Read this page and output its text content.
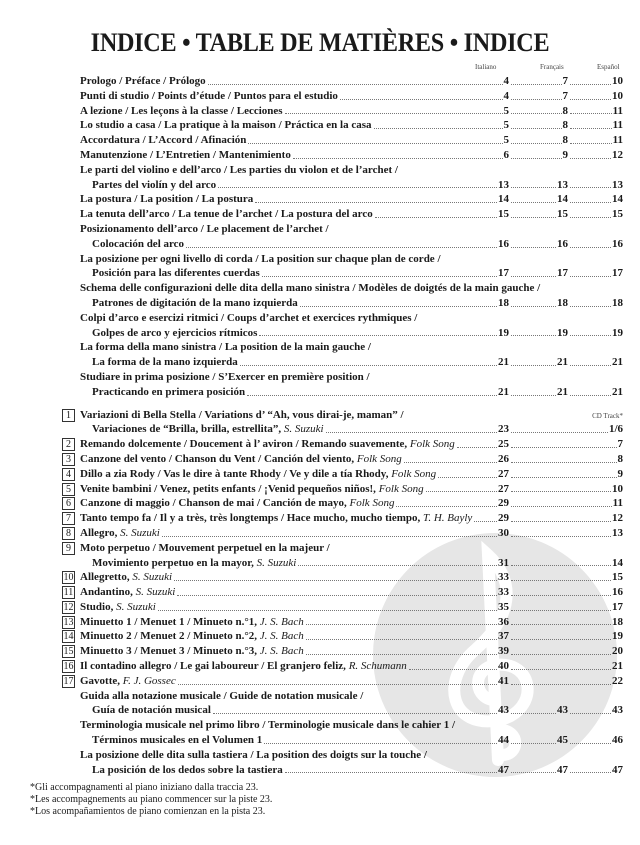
INDICE • TABLE DE MATIÈRES • INDICE
Italiano	Français	Español
Prologo / Préface / Prólogo	4	7	10
Punti di studio / Points d’étude / Puntos para el estudio	4	7	10
A lezione / Les leçons à la classe / Lecciones	5	8	11
Lo studio a casa / La pratique à la maison / Práctica en la casa	5	8	11
Accordatura / L’Accord / Afinación	5	8	11
Manutenzione / L’Entretien / Mantenimiento	6	9	12
Le parti del violino e dell’arco / Les parties du violon et de l’archet /
Partes del violín y del arco	13	13	13
La postura / La position / La postura	14	14	14
La tenuta dell’arco / La tenue de l’archet / La postura del arco	15	15	15
Posizionamento dell’arco / Le placement de l’archet /
Colocación del arco	16	16	16
La posizione per ogni livello di corda / La position sur chaque plan de corde /
Posición para las diferentes cuerdas	17	17	17
Schema delle configurazioni delle dita della mano sinistra / Modèles de doigtés de la main gauche /
Patrones de digitación de la mano izquierda	18	18	18
Colpi d’arco e esercizi ritmici / Coups d’archet et exercices rythmiques /
Golpes de arco y ejercicios rítmicos	19	19	19
La forma della mano sinistra / La position de la main gauche /
La forma de la mano izquierda	21	21	21
Studiare in prima posizione / S’Exercer en première position /
Practicando en primera posición	21	21	21
1 Variazioni di Bella Stella / Variations d’ “Ah, vous dirai-je, maman” /	CD Track*
Variaciones de “Brilla, brilla, estrellita”, S. Suzuki	23	1/6
2 Remando dolcemente / Doucement à l’ aviron / Remando suavemente, Folk Song	25	7
3 Canzone del vento / Chanson du Vent / Canción del viento, Folk Song	26	8
4 Dillo a zia Rody / Vas le dire à tante Rhody / Ve y dile a tía Rhody, Folk Song	27	9
5 Venite bambini / Venez, petits enfants / ¡Venid pequeños niños!, Folk Song	27	10
6 Canzone di maggio / Chanson de mai / Canción de mayo, Folk Song	29	11
7 Tanto tempo fa / Il y a très, très longtemps / Hace mucho, mucho tiempo, T. H. Bayly 29	12
8 Allegro, S. Suzuki	30	13
9 Moto perpetuo / Mouvement perpetuel en la majeur /
Movimiento perpetuo en la mayor, S. Suzuki	31	14
10 Allegretto, S. Suzuki	33	15
11 Andantino, S. Suzuki	33	16
12 Studio, S. Suzuki	35	17
13 Minuetto 1 / Menuet 1 / Minueto n.°1, J. S. Bach	36	18
14 Minuetto 2 / Menuet 2 / Minueto n.°2, J. S. Bach	37	19
15 Minuetto 3 / Menuet 3 / Minueto n.°3, J. S. Bach	39	20
16 Il contadino allegro / Le gai laboureur / El granjero feliz, R. Schumann	40	21
17 Gavotte, F. J. Gossec	41	22
Guida alla notazione musicale / Guide de notation musicale /
Guía de notación musical	43	43	43
Terminologia musicale nel primo libro / Terminologie musicale dans le cahier 1 /
Términos musicales en el Volumen 1	44	45	46
La posizione delle dita sulla tastiera / La position des doigts sur la touche /
La posición de los dedos sobre la tastiera	47	47	47
*Gli accompagnamenti al piano iniziano dalla traccia 23.
*Les accompagnements au piano commencer sur la piste 23.
*Los acompañamientos de piano comienzan en la pista 23.
